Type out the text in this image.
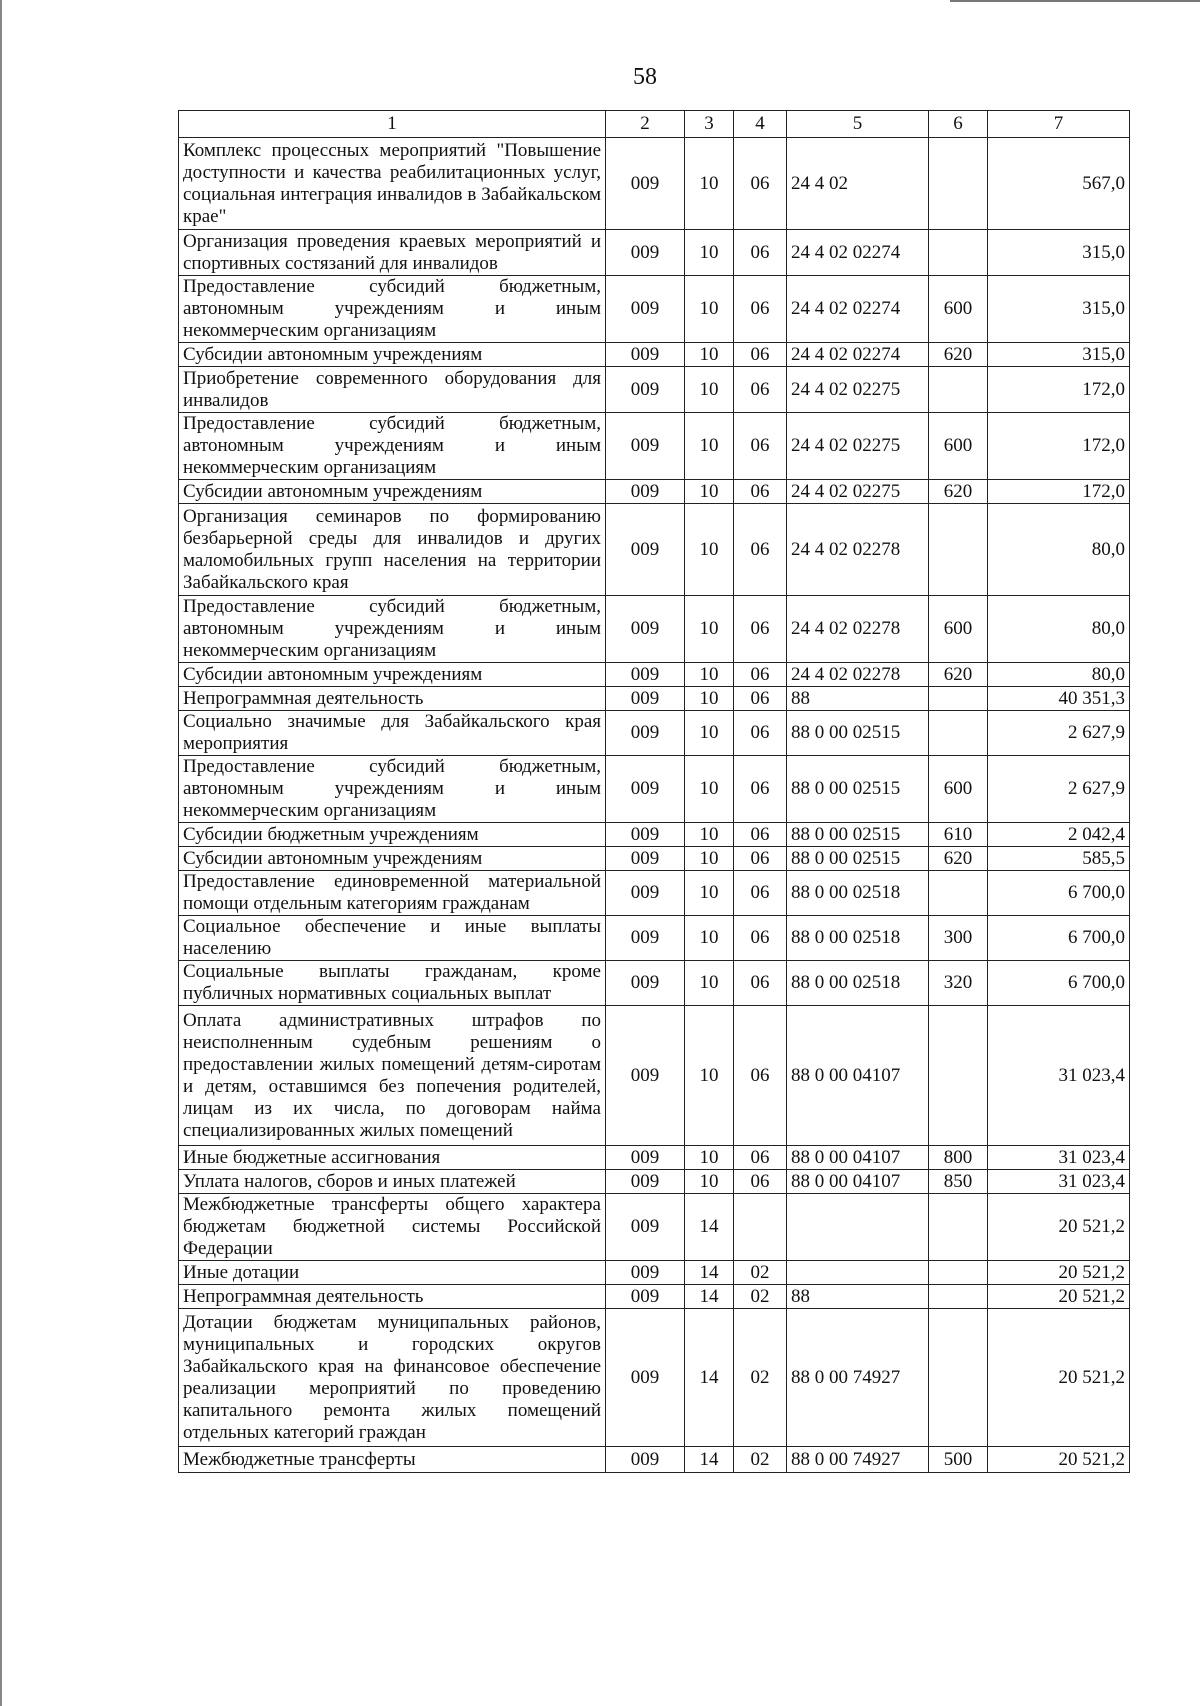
58
1	2	3	4	5	6	7
Комплекс процессных мероприятий "Повышение доступности и качества реабилитационных услуг, социальная интеграция инвалидов в Забайкальском крае"	009	10	06	24 4 02		567,0
Организация проведения краевых мероприятий и спортивных состязаний для инвалидов	009	10	06	24 4 02 02274		315,0
Предоставление субсидий бюджетным, автономным учреждениям и иным некоммерческим организациям	009	10	06	24 4 02 02274	600	315,0
Субсидии автономным учреждениям	009	10	06	24 4 02 02274	620	315,0
Приобретение современного оборудования для инвалидов	009	10	06	24 4 02 02275		172,0
Предоставление субсидий бюджетным, автономным учреждениям и иным некоммерческим организациям	009	10	06	24 4 02 02275	600	172,0
Субсидии автономным учреждениям	009	10	06	24 4 02 02275	620	172,0
Организация семинаров по формированию безбарьерной среды для инвалидов и других маломобильных групп населения на территории Забайкальского края	009	10	06	24 4 02 02278		80,0
Предоставление субсидий бюджетным, автономным учреждениям и иным некоммерческим организациям	009	10	06	24 4 02 02278	600	80,0
Субсидии автономным учреждениям	009	10	06	24 4 02 02278	620	80,0
Непрограммная деятельность	009	10	06	88		40 351,3
Социально значимые для Забайкальского края мероприятия	009	10	06	88 0 00 02515		2 627,9
Предоставление субсидий бюджетным, автономным учреждениям и иным некоммерческим организациям	009	10	06	88 0 00 02515	600	2 627,9
Субсидии бюджетным учреждениям	009	10	06	88 0 00 02515	610	2 042,4
Субсидии автономным учреждениям	009	10	06	88 0 00 02515	620	585,5
Предоставление единовременной материальной помощи отдельным категориям гражданам	009	10	06	88 0 00 02518		6 700,0
Социальное обеспечение и иные выплаты населению	009	10	06	88 0 00 02518	300	6 700,0
Социальные выплаты гражданам, кроме публичных нормативных социальных выплат	009	10	06	88 0 00 02518	320	6 700,0
Оплата административных штрафов по неисполненным судебным решениям о предоставлении жилых помещений детям-сиротам и детям, оставшимся без попечения родителей, лицам из их числа, по договорам найма специализированных жилых помещений	009	10	06	88 0 00 04107		31 023,4
Иные бюджетные ассигнования	009	10	06	88 0 00 04107	800	31 023,4
Уплата налогов, сборов и иных платежей	009	10	06	88 0 00 04107	850	31 023,4
Межбюджетные трансферты общего характера бюджетам бюджетной системы Российской Федерации	009	14				20 521,2
Иные дотации	009	14	02			20 521,2
Непрограммная деятельность	009	14	02	88		20 521,2
Дотации бюджетам муниципальных районов, муниципальных и городских округов Забайкальского края на финансовое обеспечение реализации мероприятий по проведению капитального ремонта жилых помещений отдельных категорий граждан	009	14	02	88 0 00 74927		20 521,2
Межбюджетные трансферты	009	14	02	88 0 00 74927	500	20 521,2
